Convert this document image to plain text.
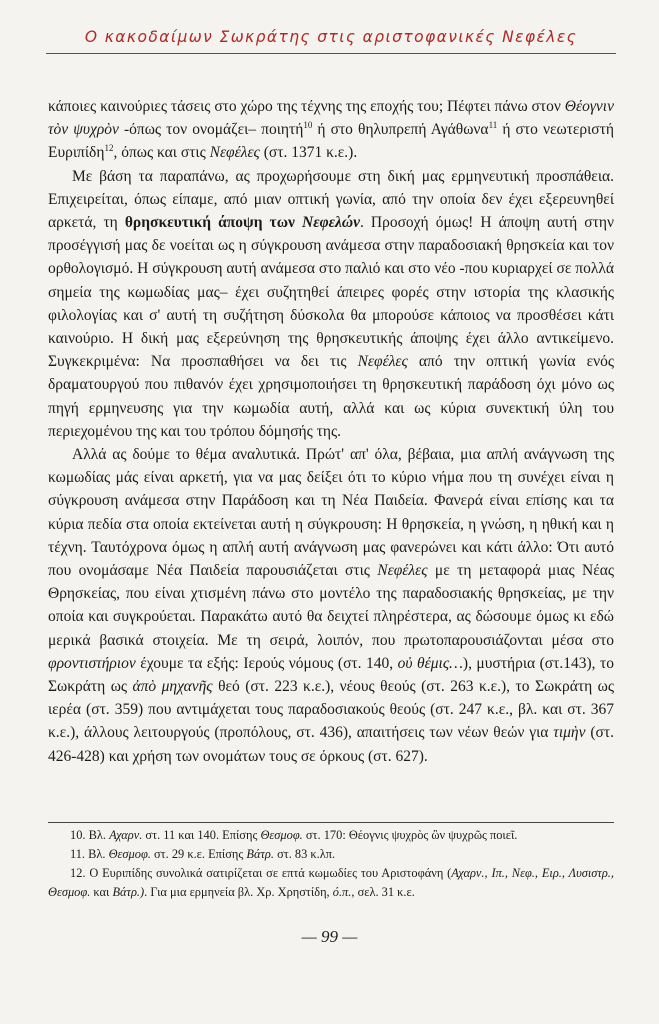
Ο κακοδαίμων Σωκράτης στις αριστοφανικές Νεφέλες

κάποιες καινούριες τάσεις στο χώρο της τέχνης της εποχής του; Πέφτει πάνω στον Θέογνιν τὸν ψυχρὸν -όπως τον ονομάζει– ποιητή$^{10}$ ή στο θηλυπρεπή Αγάθωνα$^{11}$ ή στο νεωτεριστή Ευριπίδη$^{12}$, όπως και στις Νεφέλες (στ. 1371 κ.ε.).

Με βάση τα παραπάνω, ας προχωρήσουμε στη δική μας ερμηνευτική προσπάθεια. Επιχειρείται, όπως είπαμε, από μιαν οπτική γωνία, από την οποία δεν έχει εξερευνηθεί αρκετά, τη θρησκευτική άποψη των Νεφελών. Προσοχή όμως! Η άποψη αυτή στην προσέγγισή μας δε νοείται ως η σύγκρουση ανάμεσα στην παραδοσιακή θρησκεία και τον ορθολογισμό. Η σύγκρουση αυτή ανάμεσα στο παλιό και στο νέο -που κυριαρχεί σε πολλά σημεία της κωμωδίας μας– έχει συζητηθεί άπειρες φορές στην ιστορία της κλασικής φιλολογίας και σ' αυτή τη συζήτηση δύσκολα θα μπορούσε κάποιος να προσθέσει κάτι καινούριο. Η δική μας εξερεύνηση της θρησκευτικής άποψης έχει άλλο αντικείμενο. Συγκεκριμένα: Να προσπαθήσει να δει τις Νεφέλες από την οπτική γωνία ενός δραματουργού που πιθανόν έχει χρησιμοποιήσει τη θρησκευτική παράδοση όχι μόνο ως πηγή ερμηνευσης για την κωμωδία αυτή, αλλά και ως κύρια συνεκτική ύλη του περιεχομένου της και του τρόπου δόμησής της.

Αλλά ας δούμε το θέμα αναλυτικά. Πρώτ' απ' όλα, βέβαια, μια απλή ανάγνωση της κωμωδίας μάς είναι αρκετή, για να μας δείξει ότι το κύριο νήμα που τη συνέχει είναι η σύγκρουση ανάμεσα στην Παράδοση και τη Νέα Παιδεία. Φανερά είναι επίσης και τα κύρια πεδία στα οποία εκτείνεται αυτή η σύγκρουση: Η θρησκεία, η γνώση, η ηθική και η τέχνη. Ταυτόχρονα όμως η απλή αυτή ανάγνωση μας φανερώνει και κάτι άλλο: Ότι αυτό που ονομάσαμε Νέα Παιδεία παρουσιάζεται στις Νεφέλες με τη μεταφορά μιας Νέας Θρησκείας, που είναι χτισμένη πάνω στο μοντέλο της παραδοσιακής θρησκείας, με την οποία και συγκρούεται. Παρακάτω αυτό θα δειχτεί πληρέστερα, ας δώσουμε όμως κι εδώ μερικά βασικά στοιχεία. Με τη σειρά, λοιπόν, που πρωτοπαρουσιάζονται μέσα στο φροντιστήριον έχουμε τα εξής: Ιερούς νόμους (στ. 140, οὐ θέμις…), μυστήρια (στ.143), το Σωκράτη ως ἀπὸ μηχανῆς θεό (στ. 223 κ.ε.), νέους θεούς (στ. 263 κ.ε.), το Σωκράτη ως ιερέα (στ. 359) που αντιμάχεται τους παραδοσιακούς θεούς (στ. 247 κ.ε., βλ. και στ. 367 κ.ε.), άλλους λειτουργούς (προπόλους, στ. 436), απαιτήσεις των νέων θεών για τιμὴν (στ. 426-428) και χρήση των ονομάτων τους σε όρκους (στ. 627).

10. Βλ. Αχαρν. στ. 11 και 140. Επίσης Θεσμοφ. στ. 170: Θέογνις ψυχρὸς ὢν ψυχρῶς ποιεῖ.

11. Βλ. Θεσμοφ. στ. 29 κ.ε. Επίσης Βάτρ. στ. 83 κ.λπ.

12. Ο Ευριπίδης συνολικά σατιρίζεται σε επτά κωμωδίες του Αριστοφάνη (Αχαρν., Ιπ., Νεφ., Ειρ., Λυσιστρ., Θεσμοφ. και Βάτρ.). Για μια ερμηνεία βλ. Χρ. Χρηστίδη, ό.π., σελ. 31 κ.ε.

— 99 —
